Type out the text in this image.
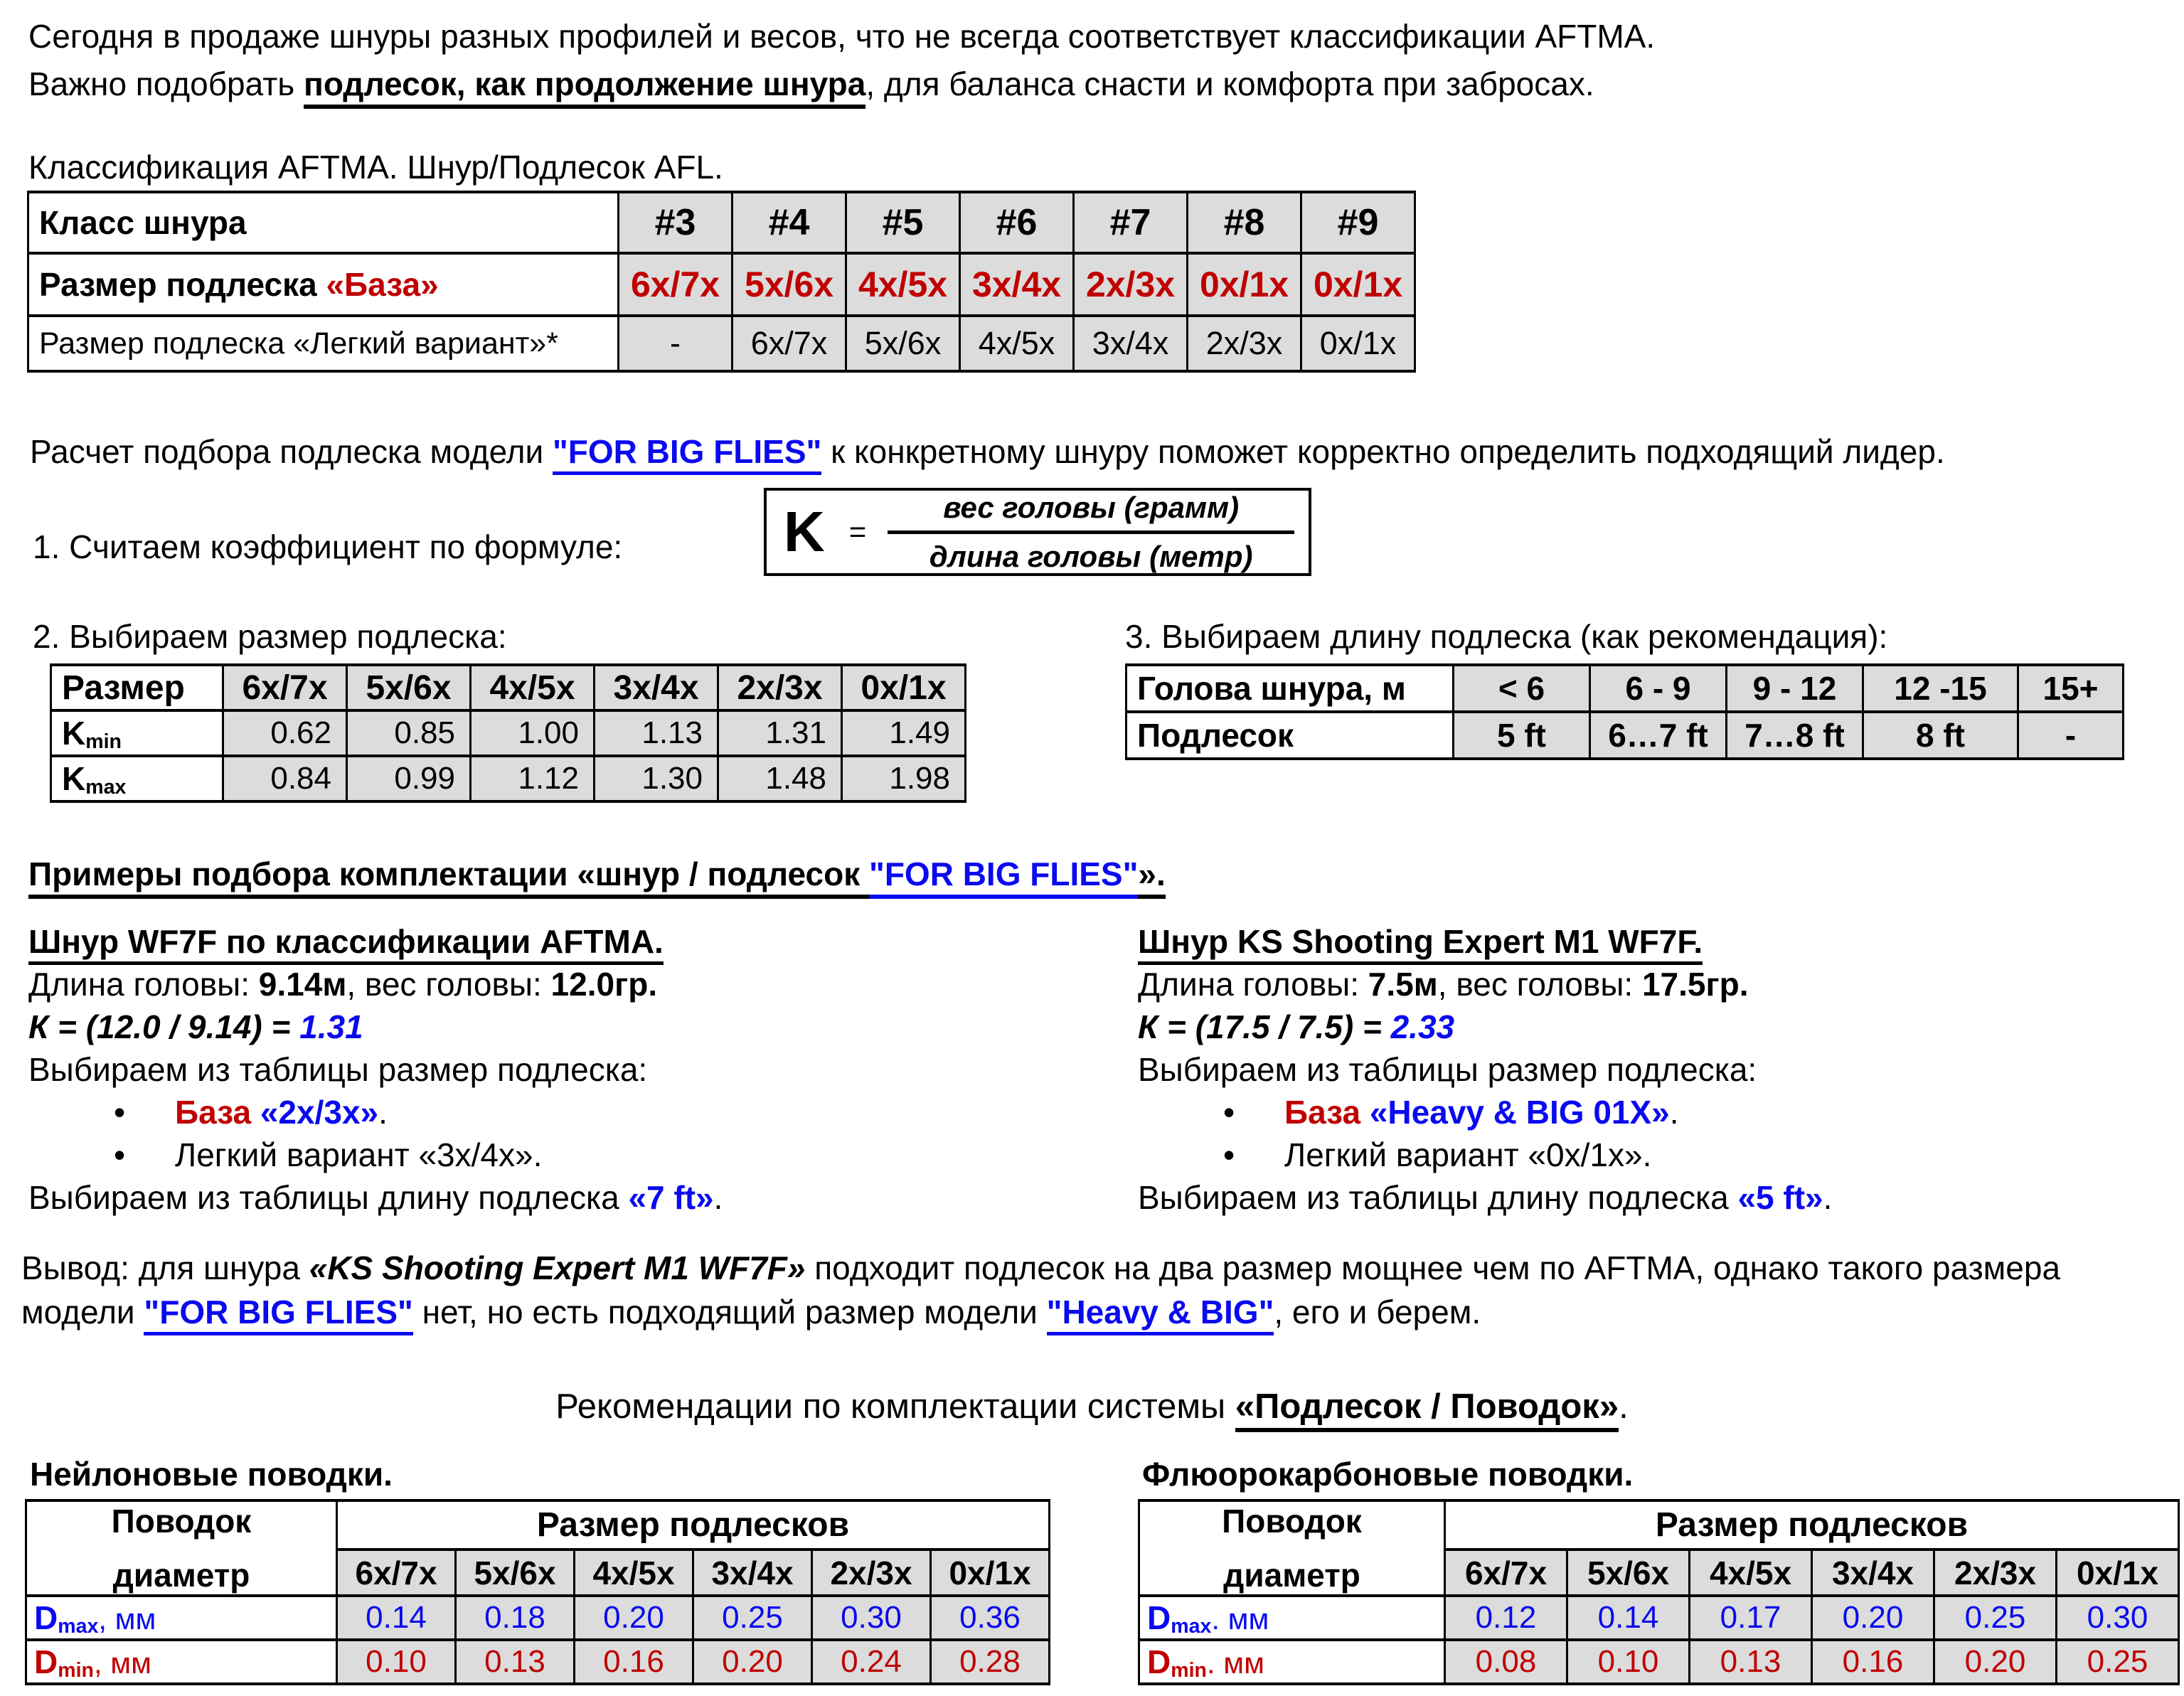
Сегодня в продаже шнуры разных профилей и весов, что не всегда соответствует классификации AFTMA.
Важно подобрать подлесок, как продолжение шнура, для баланса снасти и комфорта при забросах.
Классификация AFTMA. Шнур/Подлесок AFL.
Класс шнура	#3	#4	#5	#6	#7	#8	#9
Размер подлеска «База»	6x/7x	5x/6x	4x/5x	3x/4x	2x/3x	0x/1x	0x/1x
Размер подлеска «Легкий вариант»*	-	6x/7x	5x/6x	4x/5x	3x/4x	2x/3x	0x/1x
Расчет подбора подлеска модели "FOR BIG FLIES" к конкретному шнуру поможет корректно определить подходящий лидер.
1. Считаем коэффициент по формуле:	$K = \frac{\text{вес головы (грамм)}}{\text{длина головы (метр)}}$
2. Выбираем размер подлеска:
Размер	6x/7x	5x/6x	4x/5x	3x/4x	2x/3x	0x/1x
$K_{min}$	0.62	0.85	1.00	1.13	1.31	1.49
$K_{max}$	0.84	0.99	1.12	1.30	1.48	1.98
3. Выбираем длину подлеска (как рекомендация):
Голова шнура, м	< 6	6 - 9	9 - 12	12 -15	15+
Подлесок	5 ft	6…7 ft	7…8 ft	8 ft	-
Примеры подбора комплектации «шнур / подлесок "FOR BIG FLIES"».
Шнур WF7F по классификации AFTMA.
Длина головы: 9.14м, вес головы: 12.0гр.
К = (12.0 / 9.14) = 1.31
Выбираем из таблицы размер подлеска:
• База «2x/3x».
• Легкий вариант «3x/4x».
Выбираем из таблицы длину подлеска «7 ft».
Шнур KS Shooting Expert M1 WF7F.
Длина головы: 7.5м, вес головы: 17.5гр.
К = (17.5 / 7.5) = 2.33
Выбираем из таблицы размер подлеска:
• База «Heavy & BIG 01X».
• Легкий вариант «0x/1x».
Выбираем из таблицы длину подлеска «5 ft».
Вывод: для шнура «KS Shooting Expert M1 WF7F» подходит подлесок на два размер мощнее чем по AFTMA, однако такого размера модели "FOR BIG FLIES" нет, но есть подходящий размер модели "Heavy & BIG", его и берем.
Рекомендации по комплектации системы «Подлесок / Поводок».
Нейлоновые поводки.
Поводок
диаметр	Размер подлесков					
	6x/7x	5x/6x	4x/5x	3x/4x	2x/3x	0x/1x
$D_{max}$, мм	0.14	0.18	0.20	0.25	0.30	0.36
$D_{min}$, мм	0.10	0.13	0.16	0.20	0.24	0.28
Флюорокарбоновые поводки.
Поводок
диаметр	Размер подлесков					
	6x/7x	5x/6x	4x/5x	3x/4x	2x/3x	0x/1x
$D_{max}$. мм	0.12	0.14	0.17	0.20	0.25	0.30
$D_{min}$. мм	0.08	0.10	0.13	0.16	0.20	0.25
